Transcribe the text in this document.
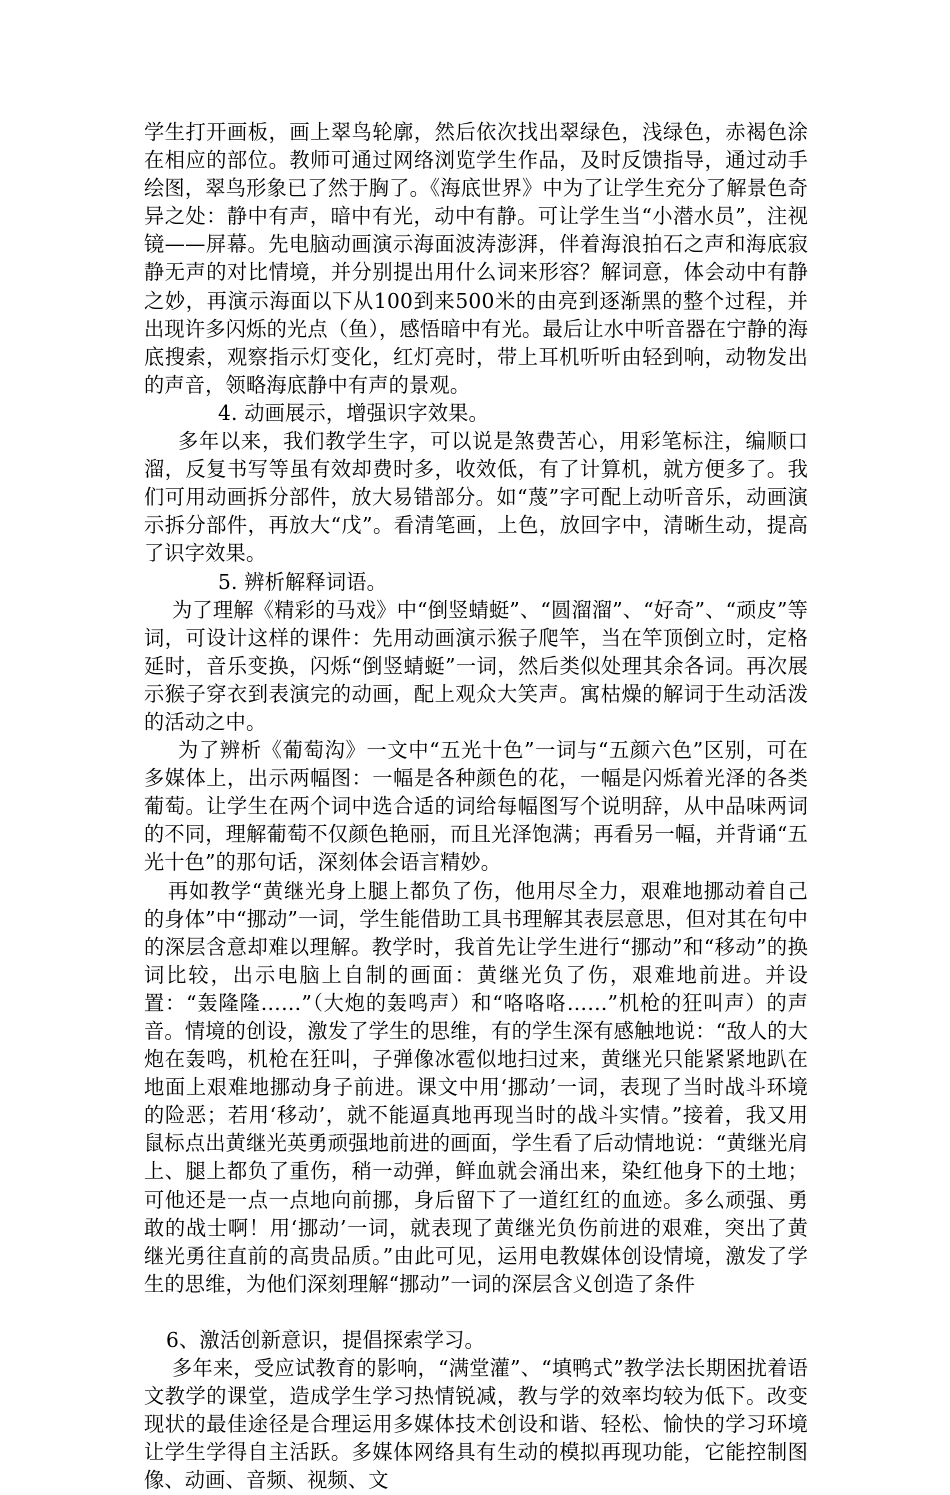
学生打开画板，画上翠鸟轮廓，然后依次找出翠绿色，浅绿色，赤褐色涂在相应的部位。教师可通过网络浏览学生作品，及时反馈指导，通过动手绘图，翠鸟形象已了然于胸了。《海底世界》中为了让学生充分了解景色奇异之处：静中有声，暗中有光，动中有静。可让学生当“小潜水员”，注视镜——屏幕。先电脑动画演示海面波涛澎湃，伴着海浪拍石之声和海底寂静无声的对比情境，并分别提出用什么词来形容？解词意，体会动中有静之妙，再演示海面以下从100到来500米的由亮到逐渐黑的整个过程，并出现许多闪烁的光点（鱼），感悟暗中有光。最后让水中听音器在宁静的海底搜索，观察指示灯变化，红灯亮时，带上耳机听听由轻到响，动物发出的声音，领略海底静中有声的景观。

4. 动画展示，增强识字效果。

多年以来，我们教学生字，可以说是煞费苦心，用彩笔标注，编顺口溜，反复书写等虽有效却费时多，收效低，有了计算机，就方便多了。我们可用动画拆分部件，放大易错部分。如“蔑”字可配上动听音乐，动画演示拆分部件，再放大“戊”。看清笔画，上色，放回字中，清晰生动，提高了识字效果。

5. 辨析解释词语。

为了理解《精彩的马戏》中“倒竖蜻蜓”、“圆溜溜”、“好奇”、“顽皮”等词，可设计这样的课件：先用动画演示猴子爬竿，当在竿顶倒立时，定格延时，音乐变换，闪烁“倒竖蜻蜓”一词，然后类似处理其余各词。再次展示猴子穿衣到表演完的动画，配上观众大笑声。寓枯燥的解词于生动活泼的活动之中。

为了辨析《葡萄沟》一文中“五光十色”一词与“五颜六色”区别，可在多媒体上，出示两幅图：一幅是各种颜色的花，一幅是闪烁着光泽的各类葡萄。让学生在两个词中选合适的词给每幅图写个说明辞，从中品味两词的不同，理解葡萄不仅颜色艳丽，而且光泽饱满；再看另一幅，并背诵“五光十色”的那句话，深刻体会语言精妙。

再如教学“黄继光身上腿上都负了伤，他用尽全力，艰难地挪动着自己的身体”中“挪动”一词，学生能借助工具书理解其表层意思，但对其在句中的深层含意却难以理解。教学时，我首先让学生进行“挪动”和“移动”的换词比较，出示电脑上自制的画面：黄继光负了伤，艰难地前进。并设置：“轰隆隆……”（大炮的轰鸣声）和“咯咯咯……”机枪的狂叫声）的声音。情境的创设，激发了学生的思维，有的学生深有感触地说：“敌人的大炮在轰鸣，机枪在狂叫，子弹像冰雹似地扫过来，黄继光只能紧紧地趴在地面上艰难地挪动身子前进。课文中用‘挪动’一词，表现了当时战斗环境的险恶；若用‘移动’，就不能逼真地再现当时的战斗实情。”接着，我又用鼠标点出黄继光英勇顽强地前进的画面，学生看了后动情地说：“黄继光肩上、腿上都负了重伤，稍一动弹，鲜血就会涌出来，染红他身下的土地；可他还是一点一点地向前挪，身后留下了一道红红的血迹。多么顽强、勇敢的战士啊！用‘挪动’一词，就表现了黄继光负伤前进的艰难，突出了黄继光勇往直前的高贵品质。”由此可见，运用电教媒体创设情境，激发了学生的思维，为他们深刻理解“挪动”一词的深层含义创造了条件

6、激活创新意识，提倡探索学习。

多年来，受应试教育的影响，“满堂灌”、“填鸭式”教学法长期困扰着语文教学的课堂，造成学生学习热情锐减，教与学的效率均较为低下。改变现状的最佳途径是合理运用多媒体技术创设和谐、轻松、愉快的学习环境让学生学得自主活跃。多媒体网络具有生动的模拟再现功能，它能控制图像、动画、音频、视频、文
